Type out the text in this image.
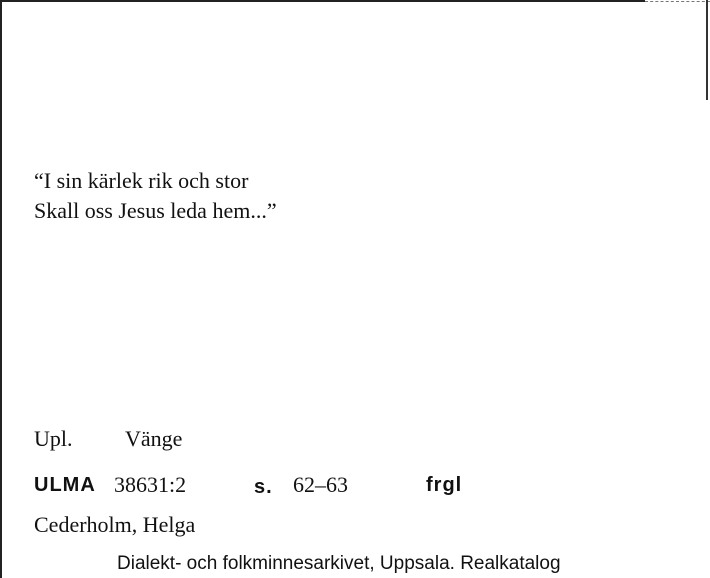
“I sin kärlek rik och stor
Skall oss Jesus leda hem...”
Upl. Vänge
ULMA 38631:2	s. 62–63	frgl
Cederholm, Helga
Dialekt- och folkminnesarkivet, Uppsala. Realkatalog
